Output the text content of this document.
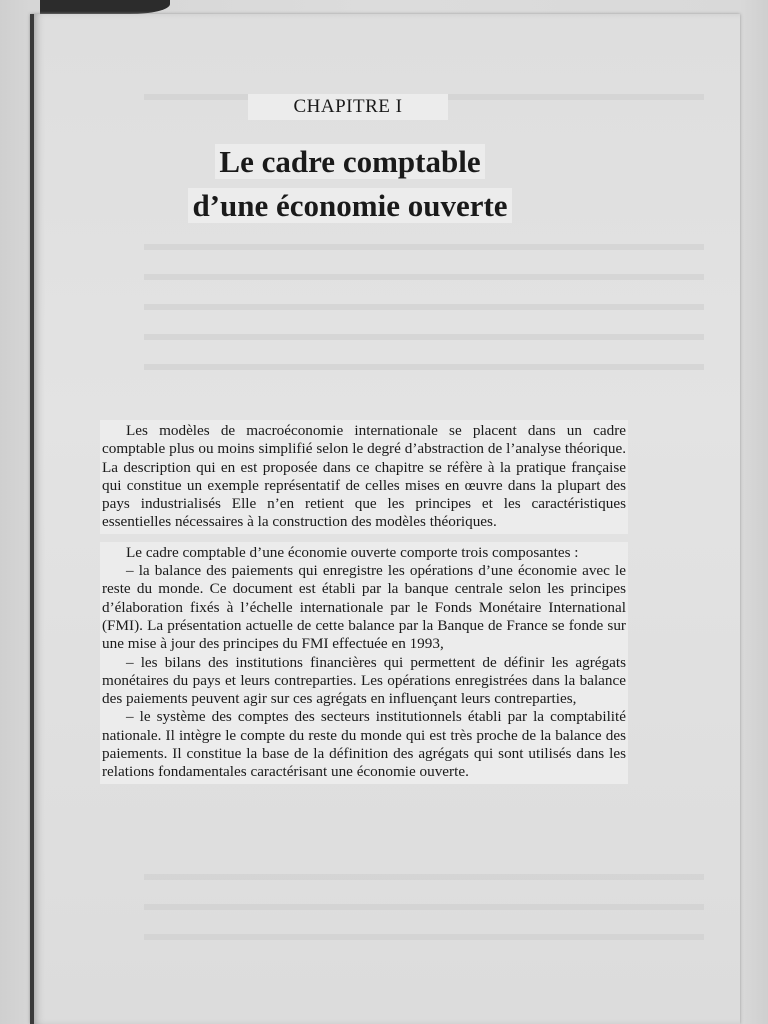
CHAPITRE I
Le cadre comptable
d’une économie ouverte

Les modèles de macroéconomie internationale se placent dans un cadre comptable plus ou moins simplifié selon le degré d’abstraction de l’analyse théorique. La description qui en est proposée dans ce chapitre se réfère à la pratique française qui constitue un exemple représentatif de celles mises en œuvre dans la plupart des pays industrialisés Elle n’en retient que les principes et les caractéristiques essentielles nécessaires à la construction des modèles théoriques.

Le cadre comptable d’une économie ouverte comporte trois composantes :
– la balance des paiements qui enregistre les opérations d’une économie avec le reste du monde. Ce document est établi par la banque centrale selon les principes d’élaboration fixés à l’échelle internationale par le Fonds Monétaire International (FMI). La présentation actuelle de cette balance par la Banque de France se fonde sur une mise à jour des principes du FMI effectuée en 1993,
– les bilans des institutions financières qui permettent de définir les agrégats monétaires du pays et leurs contreparties. Les opérations enregistrées dans la balance des paiements peuvent agir sur ces agrégats en influençant leurs contreparties,
– le système des comptes des secteurs institutionnels établi par la comptabilité nationale. Il intègre le compte du reste du monde qui est très proche de la balance des paiements. Il constitue la base de la définition des agrégats qui sont utilisés dans les relations fondamentales caractérisant une économie ouverte.
